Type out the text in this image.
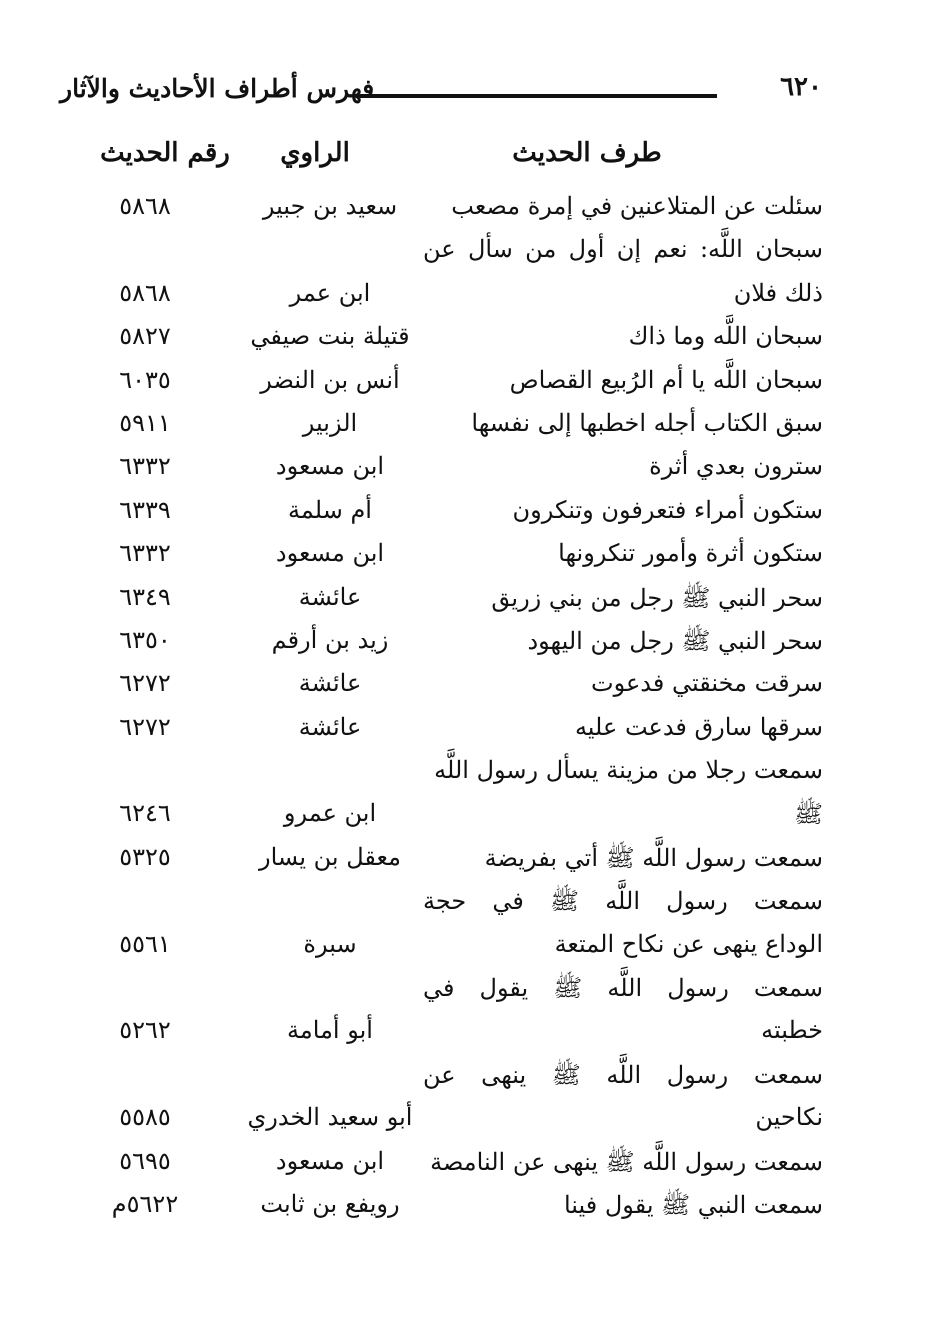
٦٢٠
فهرس أطراف الأحاديث والآثار
طرف الحديث
الراوي
رقم الحديث
سئلت عن المتلاعنين في إمرة مصعب
سعيد بن جبير
٥٨٦٨
سبحان اللَّه: نعم إن أول من سأل عن
ذلك فلان
ابن عمر
٥٨٦٨
سبحان اللَّه وما ذاك
قتيلة بنت صيفي
٥٨٢٧
سبحان اللَّه يا أم الرُبيع القصاص
أنس بن النضر
٦٠٣٥
سبق الكتاب أجله اخطبها إلى نفسها
الزبير
٥٩١١
سترون بعدي أثرة
ابن مسعود
٦٣٣٢
ستكون أمراء فتعرفون وتنكرون
أم سلمة
٦٣٣٩
ستكون أثرة وأمور تنكرونها
ابن مسعود
٦٣٣٢
سحر النبي ﷺ رجل من بني زريق
عائشة
٦٣٤٩
سحر النبي ﷺ رجل من اليهود
زيد بن أرقم
٦٣٥٠
سرقت مخنقتي فدعوت
عائشة
٦٢٧٢
سرقها سارق فدعت عليه
عائشة
٦٢٧٢
سمعت رجلا من مزينة يسأل رسول اللَّه
ﷺ
ابن عمرو
٦٢٤٦
سمعت رسول اللَّه ﷺ أتي بفريضة
معقل بن يسار
٥٣٢٥
سمعت رسول اللَّه ﷺ في حجة
الوداع ينهى عن نكاح المتعة
سبرة
٥٥٦١
سمعت رسول اللَّه ﷺ يقول في
خطبته
أبو أمامة
٥٢٦٢
سمعت رسول اللَّه ﷺ ينهى عن
نكاحين
أبو سعيد الخدري
٥٥٨٥
سمعت رسول اللَّه ﷺ ينهى عن النامصة
ابن مسعود
٥٦٩٥
سمعت النبي ﷺ يقول فينا
رويفع بن ثابت
٥٦٢٢م
